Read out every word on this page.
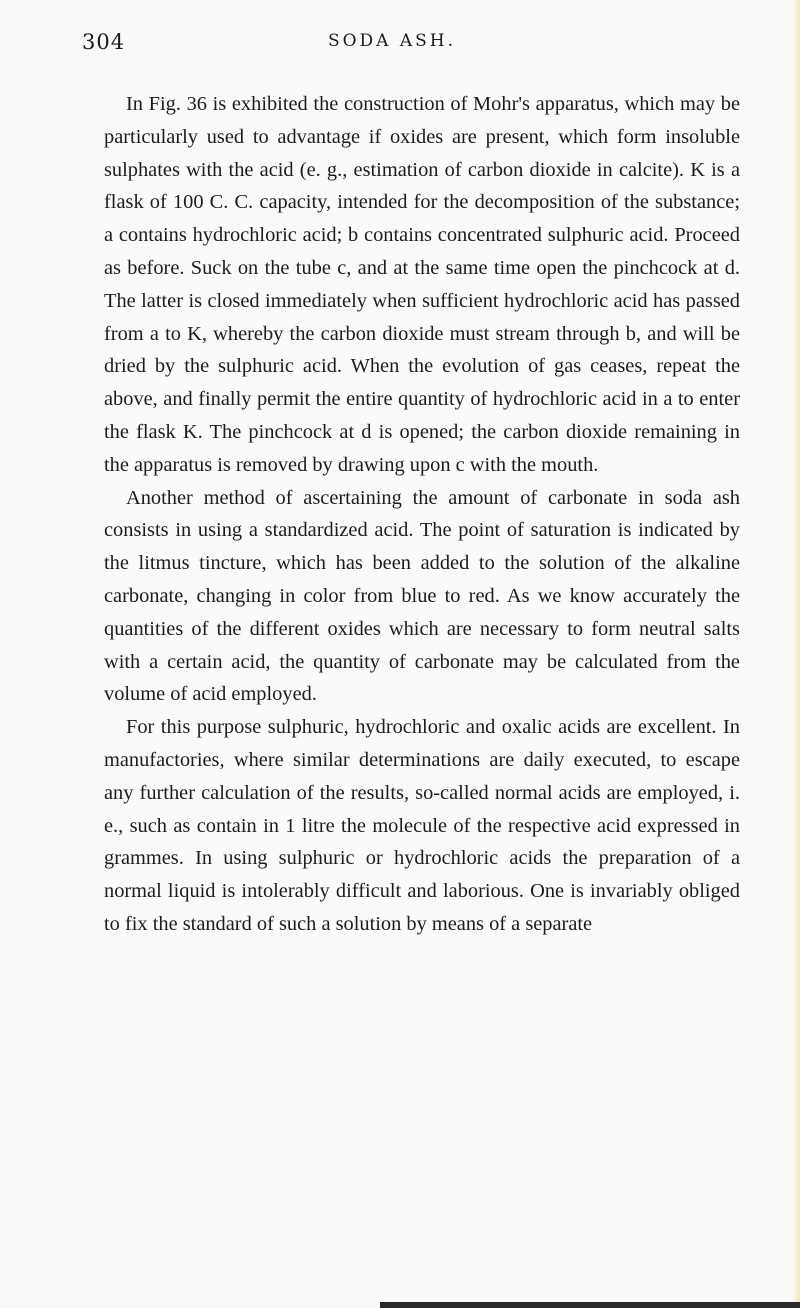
304	SODA ASH.

In Fig. 36 is exhibited the construction of Mohr's apparatus, which may be particularly used to advantage if oxides are present, which form insoluble sulphates with the acid (e. g., estimation of carbon dioxide in calcite). K is a flask of 100 C. C. capacity, intended for the decomposition of the substance; a contains hydrochloric acid; b contains concentrated sulphuric acid. Proceed as before. Suck on the tube c, and at the same time open the pinchcock at d. The latter is closed immediately when sufficient hydrochloric acid has passed from a to K, whereby the carbon dioxide must stream through b, and will be dried by the sulphuric acid. When the evolution of gas ceases, repeat the above, and finally permit the entire quantity of hydrochloric acid in a to enter the flask K. The pinchcock at d is opened; the carbon dioxide remaining in the apparatus is removed by drawing upon c with the mouth.

Another method of ascertaining the amount of carbonate in soda ash consists in using a standardized acid. The point of saturation is indicated by the litmus tincture, which has been added to the solution of the alkaline carbonate, changing in color from blue to red. As we know accurately the quantities of the different oxides which are necessary to form neutral salts with a certain acid, the quantity of carbonate may be calculated from the volume of acid employed.

For this purpose sulphuric, hydrochloric and oxalic acids are excellent. In manufactories, where similar determinations are daily executed, to escape any further calculation of the results, so-called normal acids are employed, i. e., such as contain in 1 litre the molecule of the respective acid expressed in grammes. In using sulphuric or hydrochloric acids the preparation of a normal liquid is intolerably difficult and laborious. One is invariably obliged to fix the standard of such a solution by means of a separate
